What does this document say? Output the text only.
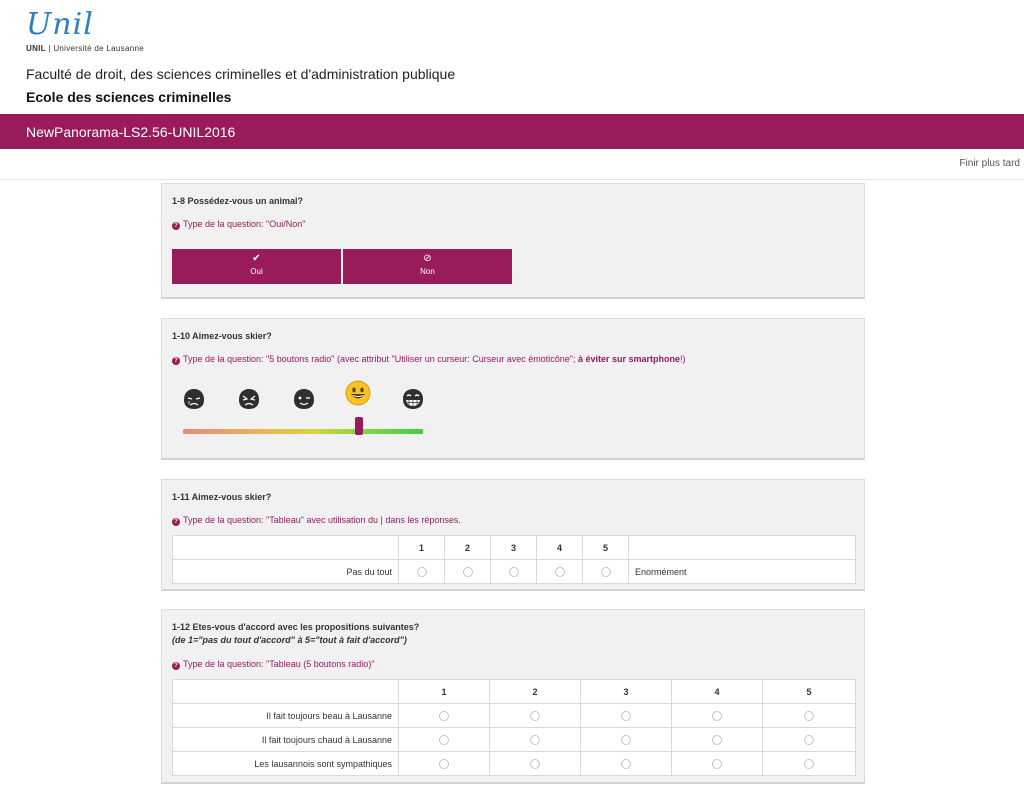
Unil
UNIL | Université de Lausanne
Faculté de droit, des sciences criminelles et d'administration publique
Ecole des sciences criminelles
NewPanorama-LS2.56-UNIL2016
Finir plus tard
1-8 Possédez-vous un animal?
? Type de la question: "Oui/Non"
✔
Oui
⊘
Non
1-10 Aimez-vous skier?
? Type de la question: "5 boutons radio" (avec attribut "Utiliser un curseur: Curseur avec émoticône"; à éviter sur smartphone!)
1-11 Aimez-vous skier?
? Type de la question: "Tableau" avec utilisation du | dans les réponses.
	1	2	3	4	5	
Pas du tout						Enormément
1-12 Etes-vous d'accord avec les propositions suivantes?
(de 1="pas du tout d'accord" à 5="tout à fait d'accord")
? Type de la question: "Tableau (5 boutons radio)"
	1	2	3	4	5
Il fait toujours beau à Lausanne					
Il fait toujours chaud à Lausanne					
Les lausannois sont sympathiques					
